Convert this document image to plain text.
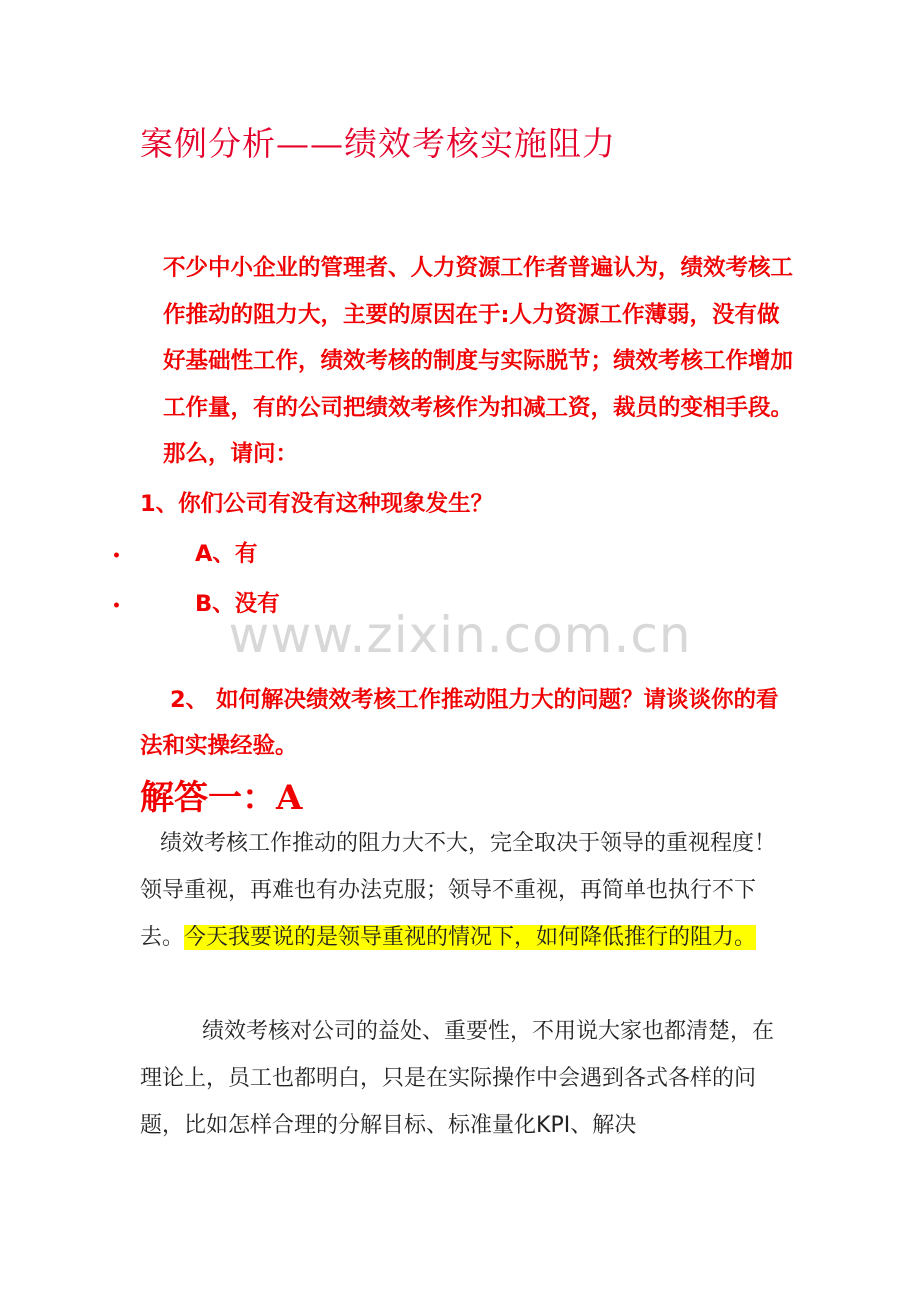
案例分析——绩效考核实施阻力
不少中小企业的管理者、人力资源工作者普遍认为，绩效考核工作推动的阻力大，主要的原因在于:人力资源工作薄弱，没有做好基础性工作，绩效考核的制度与实际脱节；绩效考核工作增加工作量，有的公司把绩效考核作为扣减工资，裁员的变相手段。那么，请问：
1、你们公司有没有这种现象发生？
•	A、有
•	B、没有
www.zixin.com.cn
2、 如何解决绩效考核工作推动阻力大的问题？请谈谈你的看法和实操经验。
解答一：A
绩效考核工作推动的阻力大不大，完全取决于领导的重视程度！领导重视，再难也有办法克服；领导不重视，再简单也执行不下去。今天我要说的是领导重视的情况下，如何降低推行的阻力。
绩效考核对公司的益处、重要性，不用说大家也都清楚，在理论上，员工也都明白，只是在实际操作中会遇到各式各样的问题，比如怎样合理的分解目标、标准量化KPI、解决
